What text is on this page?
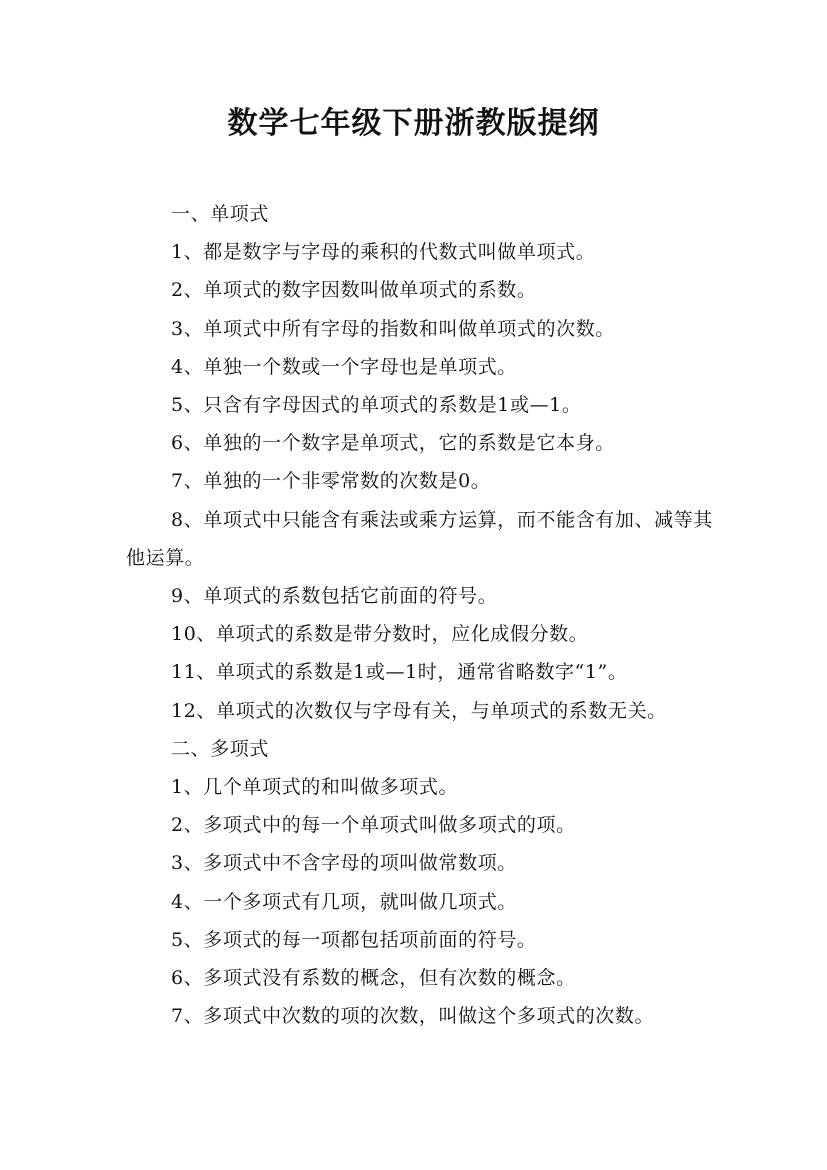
数学七年级下册浙教版提纲
一、单项式
1、都是数字与字母的乘积的代数式叫做单项式。
2、单项式的数字因数叫做单项式的系数。
3、单项式中所有字母的指数和叫做单项式的次数。
4、单独一个数或一个字母也是单项式。
5、只含有字母因式的单项式的系数是1或—1。
6、单独的一个数字是单项式，它的系数是它本身。
7、单独的一个非零常数的次数是0。
8、单项式中只能含有乘法或乘方运算，而不能含有加、减等其他运算。
9、单项式的系数包括它前面的符号。
10、单项式的系数是带分数时，应化成假分数。
11、单项式的系数是1或—1时，通常省略数字“1”。
12、单项式的次数仅与字母有关，与单项式的系数无关。
二、多项式
1、几个单项式的和叫做多项式。
2、多项式中的每一个单项式叫做多项式的项。
3、多项式中不含字母的项叫做常数项。
4、一个多项式有几项，就叫做几项式。
5、多项式的每一项都包括项前面的符号。
6、多项式没有系数的概念，但有次数的概念。
7、多项式中次数的项的次数，叫做这个多项式的次数。
